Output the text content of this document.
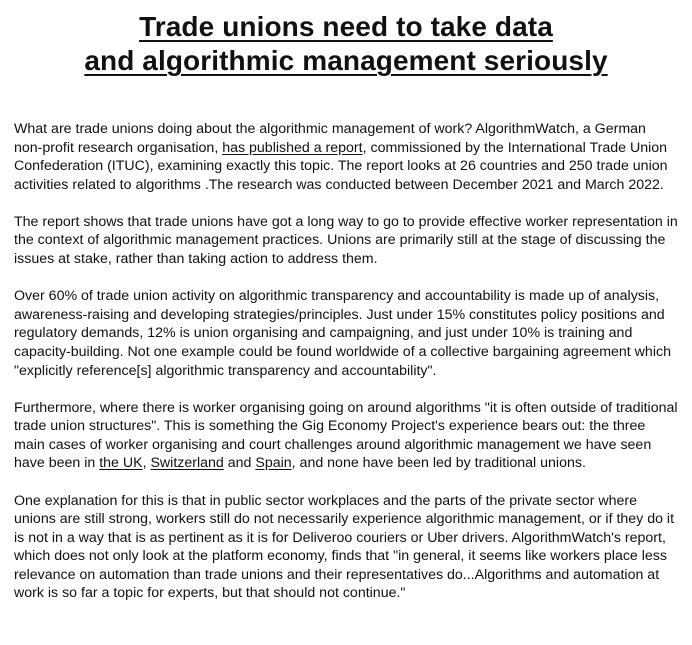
Trade unions need to take data
and algorithmic management seriously

What are trade unions doing about the algorithmic management of work? AlgorithmWatch, a German non-profit research organisation, has published a report, commissioned by the International Trade Union Confederation (ITUC), examining exactly this topic. The report looks at 26 countries and 250 trade union activities related to algorithms .The research was conducted between December 2021 and March 2022.

The report shows that trade unions have got a long way to go to provide effective worker representation in the context of algorithmic management practices. Unions are primarily still at the stage of discussing the issues at stake, rather than taking action to address them.

Over 60% of trade union activity on algorithmic transparency and accountability is made up of analysis, awareness-raising and developing strategies/principles. Just under 15% constitutes policy positions and regulatory demands, 12% is union organising and campaigning, and just under 10% is training and capacity-building. Not one example could be found worldwide of a collective bargaining agreement which "explicitly reference[s] algorithmic transparency and accountability".

Furthermore, where there is worker organising going on around algorithms "it is often outside of traditional trade union structures". This is something the Gig Economy Project's experience bears out: the three main cases of worker organising and court challenges around algorithmic management we have seen have been in the UK, Switzerland and Spain, and none have been led by traditional unions.

One explanation for this is that in public sector workplaces and the parts of the private sector where unions are still strong, workers still do not necessarily experience algorithmic management, or if they do it is not in a way that is as pertinent as it is for Deliveroo couriers or Uber drivers. AlgorithmWatch's report, which does not only look at the platform economy, finds that "in general, it seems like workers place less relevance on automation than trade unions and their representatives do...Algorithms and automation at work is so far a topic for experts, but that should not continue."
